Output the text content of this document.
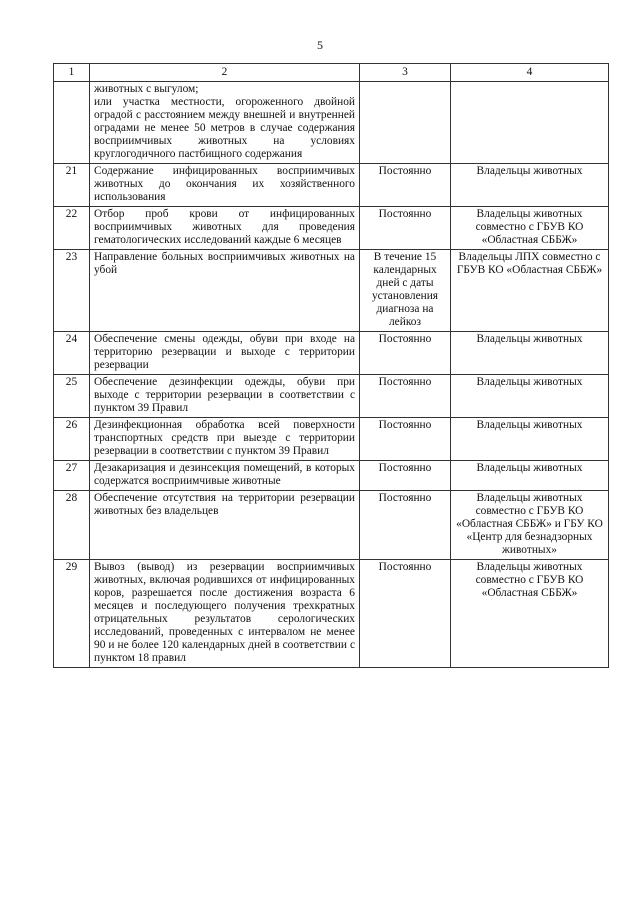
5
1	2	3	4

	животных с выгулом;
или участка местности, огороженного двойной оградой с расстоянием между внешней и внутренней оградами не менее 50 метров в случае содержания восприимчивых животных на условиях круглогодичного пастбищного содержания		

21	Содержание инфицированных восприимчивых животных до окончания их хозяйственного использования	Постоянно	Владельцы животных
22	Отбор проб крови от инфицированных восприимчивых животных для проведения гематологических исследований каждые 6 месяцев	Постоянно	Владельцы животных совместно с ГБУВ КО «Областная СББЖ»
23	Направление больных восприимчивых животных на убой	В течение 15 календарных дней с даты установления диагноза на лейкоз	Владельцы ЛПХ совместно с ГБУВ КО «Областная СББЖ»
24	Обеспечение смены одежды, обуви при входе на территорию резервации и выходе с территории резервации	Постоянно	Владельцы животных
25	Обеспечение дезинфекции одежды, обуви при выходе с территории резервации в соответствии с пунктом 39 Правил	Постоянно	Владельцы животных
26	Дезинфекционная обработка всей поверхности транспортных средств при выезде с территории резервации в соответствии с пунктом 39 Правил	Постоянно	Владельцы животных
27	Дезакаризация и дезинсекция помещений, в которых содержатся восприимчивые животные	Постоянно	Владельцы животных
28	Обеспечение отсутствия на территории резервации животных без владельцев	Постоянно	Владельцы животных совместно с ГБУВ КО «Областная СББЖ» и ГБУ КО «Центр для безнадзорных животных»
29	Вывоз (вывод) из резервации восприимчивых животных, включая родившихся от инфицированных коров, разрешается после достижения возраста 6 месяцев и последующего получения трехкратных отрицательных результатов серологических исследований, проведенных с интервалом не менее 90 и не более 120 календарных дней в соответствии с пунктом 18 правил	Постоянно	Владельцы животных совместно с ГБУВ КО «Областная СББЖ»
